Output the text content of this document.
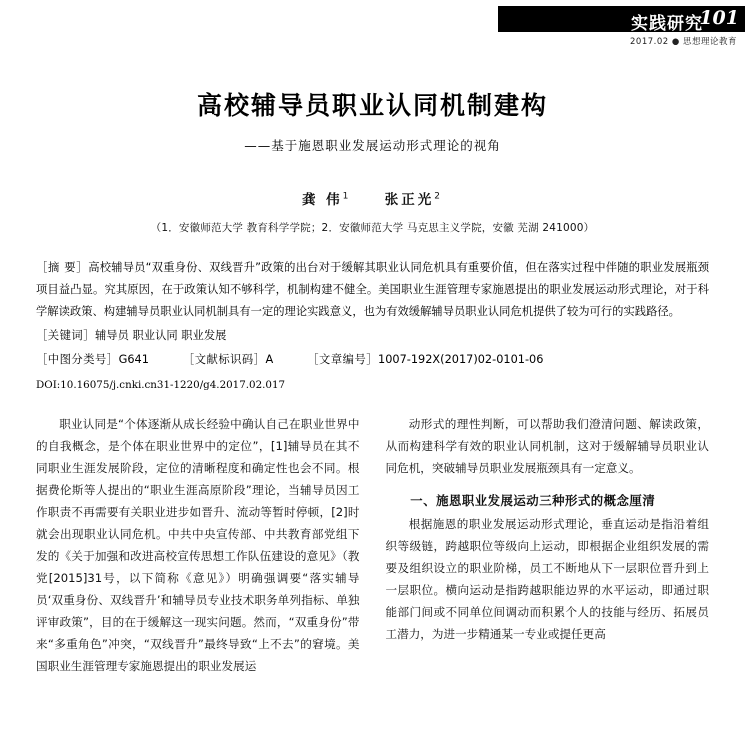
实践研究
101
2017.02 ● 思想理论教育
高校辅导员职业认同机制建构
——基于施恩职业发展运动形式理论的视角
龚 伟$^1$ 张正光$^2$
（1．安徽师范大学 教育科学学院；2．安徽师范大学 马克思主义学院，安徽 芜湖 241000）
［摘 要］高校辅导员“双重身份、双线晋升”政策的出台对于缓解其职业认同危机具有重要价值，但在落实过程中伴随的职业发展瓶颈项目益凸显。究其原因，在于政策认知不够科学，机制构建不健全。美国职业生涯管理专家施恩提出的职业发展运动形式理论，对于科学解读政策、构建辅导员职业认同机制具有一定的理论实践意义，也为有效缓解辅导员职业认同危机提供了较为可行的实践路径。
［关键词］辅导员 职业认同 职业发展
［中图分类号］G641	［文献标识码］A	［文章编号］1007-192X(2017)02-0101-06
DOI:10.16075/j.cnki.cn31-1220/g4.2017.02.017

职业认同是“个体逐渐从成长经验中确认自己在职业世界中的自我概念，是个体在职业世界中的定位”，[1]辅导员在其不同职业生涯发展阶段，定位的清晰程度和确定性也会不同。根据费伦斯等人提出的“职业生涯高原阶段”理论，当辅导员因工作职责不再需要有关职业进步如晋升、流动等暂时停顿，[2]时就会出现职业认同危机。中共中央宣传部、中共教育部党组下发的《关于加强和改进高校宣传思想工作队伍建设的意见》（教党[2015]31号，以下简称《意见》）明确强调要“落实辅导员‘双重身份、双线晋升’和辅导员专业技术职务单列指标、单独评审政策”，目的在于缓解这一现实问题。然而，“双重身份”带来“多重角色”冲突，“双线晋升”最终导致“上不去”的窘境。美国职业生涯管理专家施恩提出的职业发展运

动形式的理性判断，可以帮助我们澄清问题、解读政策，从而构建科学有效的职业认同机制，这对于缓解辅导员职业认同危机，突破辅导员职业发展瓶颈具有一定意义。

一、施恩职业发展运动三种形式的概念厘清

根据施恩的职业发展运动形式理论，垂直运动是指沿着组织等级链，跨越职位等级向上运动，即根据企业组织发展的需要及组织设立的职业阶梯，员工不断地从下一层职位晋升到上一层职位。横向运动是指跨越职能边界的水平运动，即通过职能部门间或不同单位间调动而积累个人的技能与经历、拓展员工潜力，为进一步精通某一专业或提任更高
